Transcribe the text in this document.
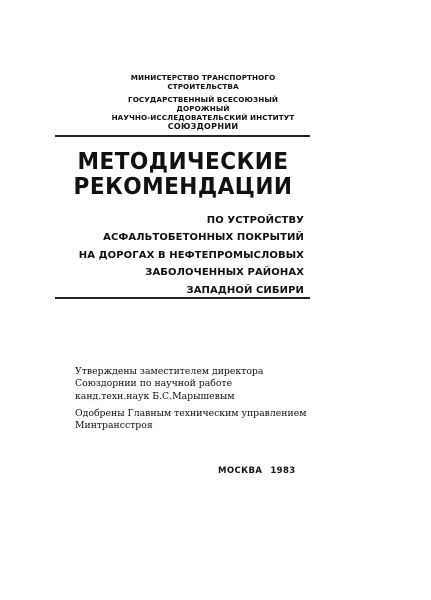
МИНИСТЕРСТВО ТРАНСПОРТНОГО
СТРОИТЕЛЬСТВА
ГОСУДАРСТВЕННЫЙ ВСЕСОЮЗНЫЙ ДОРОЖНЫЙ
НАУЧНО-ИССЛЕДОВАТЕЛЬСКИЙ ИНСТИТУТ
СОЮЗДОРНИИ
МЕТОДИЧЕСКИЕ
РЕКОМЕНДАЦИИ
ПО УСТРОЙСТВУ
АСФАЛЬТОБЕТОННЫХ ПОКРЫТИЙ
НА ДОРОГАХ В НЕФТЕПРОМЫСЛОВЫХ
ЗАБОЛОЧЕННЫХ РАЙОНАХ
ЗАПАДНОЙ СИБИРИ
Утверждены заместителем директора
Союздорнии по научной работе
канд.техн.наук Б.С.Марышевым
Одобрены Главным техническим управлением
Минтрансстроя
МОСКВА 1983
